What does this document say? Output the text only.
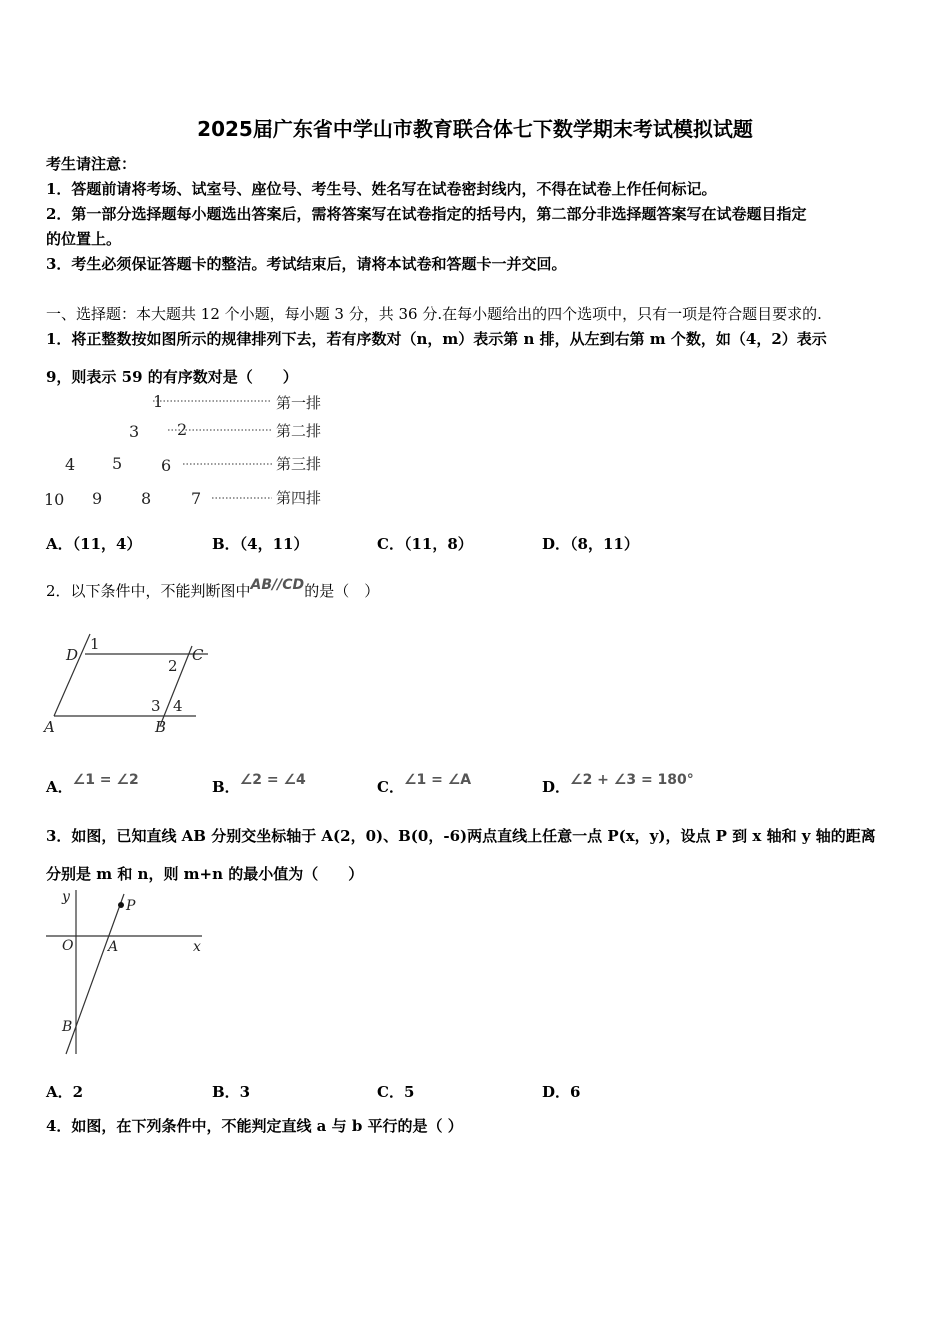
2025届广东省中学山市教育联合体七下数学期末考试模拟试题
考生请注意：
1．答题前请将考场、试室号、座位号、考生号、姓名写在试卷密封线内，不得在试卷上作任何标记。
2．第一部分选择题每小题选出答案后，需将答案写在试卷指定的括号内，第二部分非选择题答案写在试卷题目指定
的位置上。
3．考生必须保证答题卡的整洁。考试结束后，请将本试卷和答题卡一并交回。
一、选择题：本大题共 12 个小题，每小题 3 分，共 36 分.在每小题给出的四个选项中，只有一项是符合题目要求的.
1．将正整数按如图所示的规律排列下去，若有序数对（n，m）表示第 n 排，从左到右第 m 个数，如（4，2）表示
9，则表示 59 的有序数对是（　　）
1
3 2
4 5 6
10 9 8 7
第一排
第二排
第三排
第四排
A．（11，4）	B．（4，11）	C．（11，8）	D．（8，11）
2．以下条件中，不能判断图中AB//CD的是（　）
D
1
C
2
3 4
A	B
A．∠1 = ∠2	B．∠2 = ∠4	C．∠1 = ∠A	D．∠2 + ∠3 = 180°
3．如图，已知直线 AB 分别交坐标轴于 A(2，0)、B(0，-6)两点直线上任意一点 P(x，y)，设点 P 到 x 轴和 y 轴的距离
分别是 m 和 n，则 m+n 的最小值为（　　）
y
P
O A	x
B
A．2	B．3	C．5	D．6
4．如图，在下列条件中，不能判定直线 a 与 b 平行的是（ ）
